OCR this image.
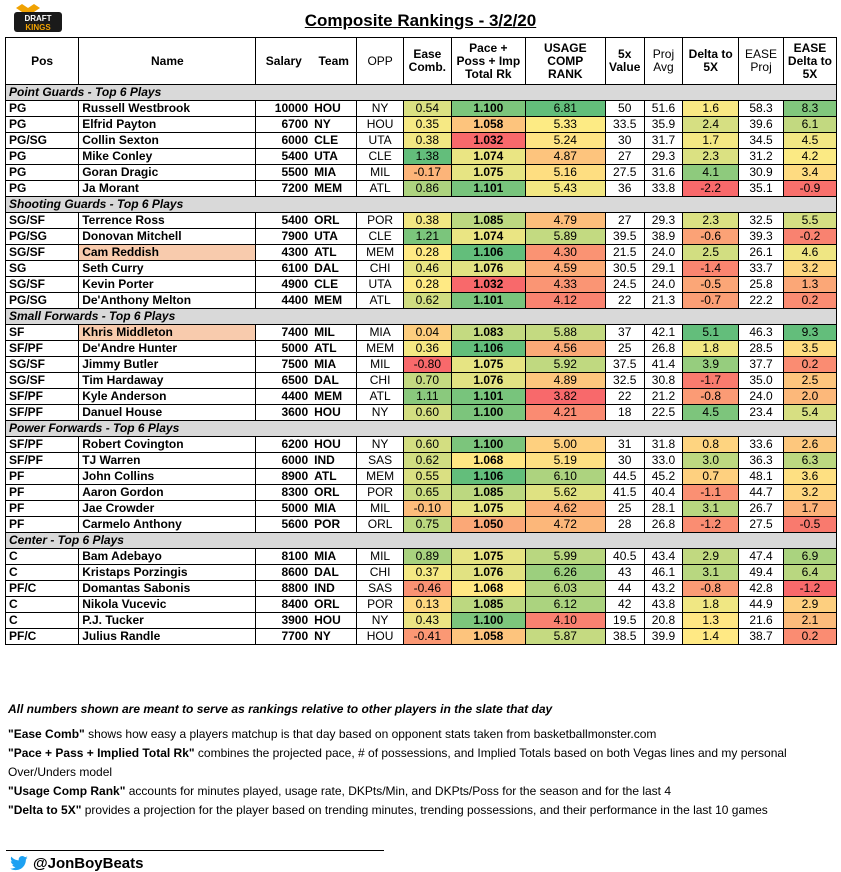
DRAFT
KINGS	Composite Rankings - 3/2/20
Pos	Name	Salary	Team	OPP	Ease Comb.	Pace + Poss + Imp Total Rk	USAGE COMP RANK	5x Value	Proj Avg	Delta to 5X	EASE Proj	EASE Delta to 5X
Point Guards - Top 6 Plays												
PG	Russell Westbrook	10000	HOU	NY	0.54	1.100	6.81	50	51.6	1.6	58.3	8.3
PG	Elfrid Payton	6700	NY	HOU	0.35	1.058	5.33	33.5	35.9	2.4	39.6	6.1
PG/SG	Collin Sexton	6000	CLE	UTA	0.38	1.032	5.24	30	31.7	1.7	34.5	4.5
PG	Mike Conley	5400	UTA	CLE	1.38	1.074	4.87	27	29.3	2.3	31.2	4.2
PG	Goran Dragic	5500	MIA	MIL	-0.17	1.075	5.16	27.5	31.6	4.1	30.9	3.4
PG	Ja Morant	7200	MEM	ATL	0.86	1.101	5.43	36	33.8	-2.2	35.1	-0.9
Shooting Guards - Top 6 Plays												
SG/SF	Terrence Ross	5400	ORL	POR	0.38	1.085	4.79	27	29.3	2.3	32.5	5.5
PG/SG	Donovan Mitchell	7900	UTA	CLE	1.21	1.074	5.89	39.5	38.9	-0.6	39.3	-0.2
SG/SF	Cam Reddish	4300	ATL	MEM	0.28	1.106	4.30	21.5	24.0	2.5	26.1	4.6
SG	Seth Curry	6100	DAL	CHI	0.46	1.076	4.59	30.5	29.1	-1.4	33.7	3.2
SG/SF	Kevin Porter	4900	CLE	UTA	0.28	1.032	4.33	24.5	24.0	-0.5	25.8	1.3
PG/SG	De'Anthony Melton	4400	MEM	ATL	0.62	1.101	4.12	22	21.3	-0.7	22.2	0.2
Small Forwards - Top 6 Plays												
SF	Khris Middleton	7400	MIL	MIA	0.04	1.083	5.88	37	42.1	5.1	46.3	9.3
SF/PF	De'Andre Hunter	5000	ATL	MEM	0.36	1.106	4.56	25	26.8	1.8	28.5	3.5
SG/SF	Jimmy Butler	7500	MIA	MIL	-0.80	1.075	5.92	37.5	41.4	3.9	37.7	0.2
SG/SF	Tim Hardaway	6500	DAL	CHI	0.70	1.076	4.89	32.5	30.8	-1.7	35.0	2.5
SF/PF	Kyle Anderson	4400	MEM	ATL	1.11	1.101	3.82	22	21.2	-0.8	24.0	2.0
SF/PF	Danuel House	3600	HOU	NY	0.60	1.100	4.21	18	22.5	4.5	23.4	5.4
Power Forwards - Top 6 Plays												
SF/PF	Robert Covington	6200	HOU	NY	0.60	1.100	5.00	31	31.8	0.8	33.6	2.6
SF/PF	TJ Warren	6000	IND	SAS	0.62	1.068	5.19	30	33.0	3.0	36.3	6.3
PF	John Collins	8900	ATL	MEM	0.55	1.106	6.10	44.5	45.2	0.7	48.1	3.6
PF	Aaron Gordon	8300	ORL	POR	0.65	1.085	5.62	41.5	40.4	-1.1	44.7	3.2
PF	Jae Crowder	5000	MIA	MIL	-0.10	1.075	4.62	25	28.1	3.1	26.7	1.7
PF	Carmelo Anthony	5600	POR	ORL	0.75	1.050	4.72	28	26.8	-1.2	27.5	-0.5
Center - Top 6 Plays												
C	Bam Adebayo	8100	MIA	MIL	0.89	1.075	5.99	40.5	43.4	2.9	47.4	6.9
C	Kristaps Porzingis	8600	DAL	CHI	0.37	1.076	6.26	43	46.1	3.1	49.4	6.4
PF/C	Domantas Sabonis	8800	IND	SAS	-0.46	1.068	6.03	44	43.2	-0.8	42.8	-1.2
C	Nikola Vucevic	8400	ORL	POR	0.13	1.085	6.12	42	43.8	1.8	44.9	2.9
C	P.J. Tucker	3900	HOU	NY	0.43	1.100	4.10	19.5	20.8	1.3	21.6	2.1
PF/C	Julius Randle	7700	NY	HOU	-0.41	1.058	5.87	38.5	39.9	1.4	38.7	0.2

All numbers shown are meant to serve as rankings relative to other players in the slate that day

"Ease Comb" shows how easy a players matchup is that day based on opponent stats taken from basketballmonster.com

"Pace + Pass + Implied Total Rk" combines the projected pace, # of possessions, and Implied Totals based on both Vegas lines and my personal Over/Unders model

"Usage Comp Rank" accounts for minutes played, usage rate, DKPts/Min, and DKPts/Poss for the season and for the last 4

"Delta to 5X" provides a projection for the player based on trending minutes, trending possessions, and their performance in the last 10 games

@JonBoyBeats
